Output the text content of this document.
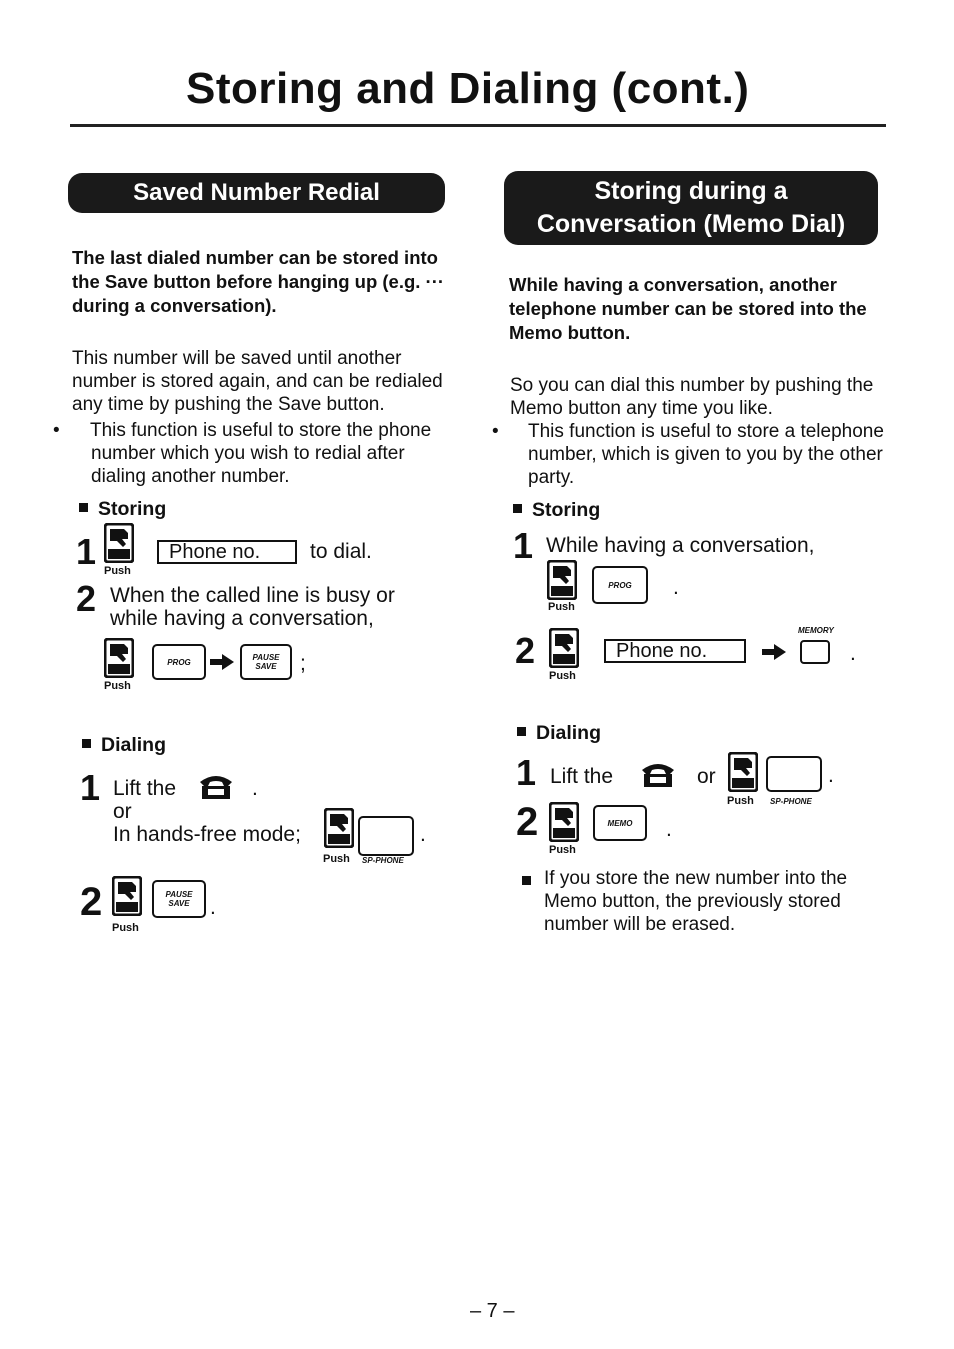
Storing and Dialing (cont.)
Saved Number Redial
The last dialed number can be stored into the Save button before hanging up (e.g. ··· during a conversation).
This number will be saved until another number is stored again, and can be redialed any time by pushing the Save button.
• This function is useful to store the phone number which you wish to redial after dialing another number.
Storing
1 Push
Phone no.	to dial.
2 When the called line is busy or
while having a conversation,
Push
PROG	PAUSE
SAVE ;
Dialing
1 Lift the	.
or
In hands-free mode;	.
Push SP-PHONE
2	PAUSE
SAVE .
Push
Storing during a
Conversation (Memo Dial)
While having a conversation, another telephone number can be stored into the Memo button.
So you can dial this number by pushing the Memo button any time you like.
• This function is useful to store a telephone number, which is given to you by the other party.
Storing
1 While having a conversation,
PROG .
Push
2
Push
Phone no.
MEMORY
.
Dialing
1 Lift the	or	.
Push SP-PHONE
2	MEMO .
Push
If you store the new number into the Memo button, the previously stored number will be erased.
– 7 –
